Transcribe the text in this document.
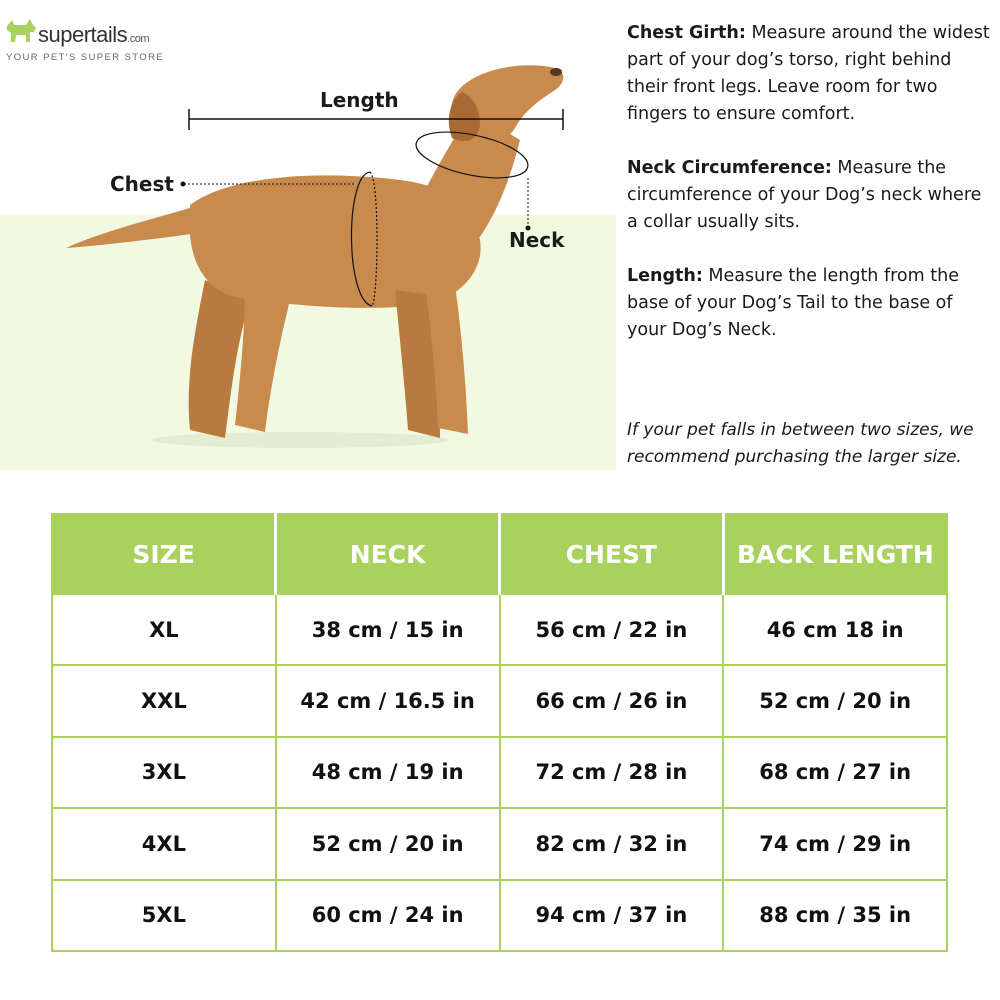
supertails.com
YOUR PET'S SUPER STORE
Length
Chest
Neck

Chest Girth: Measure around the widest part of your dog’s torso, right behind their front legs. Leave room for two fingers to ensure comfort.

Neck Circumference: Measure the circumference of your Dog’s neck where a collar usually sits.

Length: Measure the length from the base of your Dog’s Tail to the base of your Dog’s Neck.

If your pet falls in between two sizes, we recommend purchasing the larger size.
SIZE	NECK	CHEST	BACK LENGTH
XL	38 cm / 15 in	56 cm / 22 in	46 cm 18 in
XXL	42 cm / 16.5 in	66 cm / 26 in	52 cm / 20 in
3XL	48 cm / 19 in	72 cm / 28 in	68 cm / 27 in
4XL	52 cm / 20 in	82 cm / 32 in	74 cm / 29 in
5XL	60 cm / 24 in	94 cm / 37 in	88 cm / 35 in
